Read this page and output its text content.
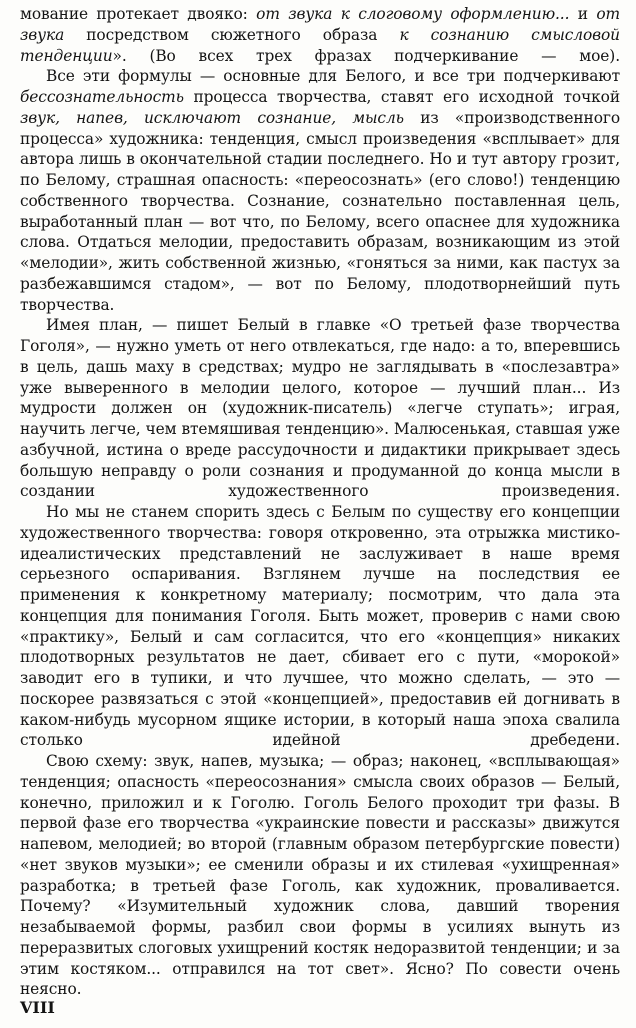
мование протекает двояко: от звука к слоговому оформлению... и от звука посредством сюжетного образа к сознанию смысловой тенденции». (Во всех трех фразах подчеркивание — мое).

Все эти формулы — основные для Белого, и все три подчеркивают бессознательность процесса творчества, ставят его исходной точкой звук, напев, исключают сознание, мысль из «производственного процесса» художника: тенденция, смысл произведения «всплывает» для автора лишь в окончательной стадии последнего. Но и тут автору грозит, по Белому, страшная опасность: «переосознать» (его слово!) тенденцию собственного творчества. Сознание, сознательно поставленная цель, выработанный план — вот что, по Белому, всего опаснее для художника слова. Отдаться мелодии, предоставить образам, возникающим из этой «мелодии», жить собственной жизнью, «гоняться за ними, как пастух за разбежавшимся стадом», — вот по Белому, плодотворнейший путь творчества.

Имея план, — пишет Белый в главке «О третьей фазе творчества Гоголя», — нужно уметь от него отвлекаться, где надо: а то, вперевшись в цель, дашь маху в средствах; мудро не заглядывать в «послезавтра» уже выверенного в мелодии целого, которое — лучший план... Из мудрости должен он (художник-писатель) «легче ступать»; играя, научить легче, чем втемяшивая тенденцию». Малюсенькая, ставшая уже азбучной, истина о вреде рассудочности и дидактики прикрывает здесь большую неправду о роли сознания и продуманной до конца мысли в создании художественного произведения.

Но мы не станем спорить здесь с Белым по существу его концепции художественного творчества: говоря откровенно, эта отрыжка мистико-идеалистических представлений не заслуживает в наше время серьезного оспаривания. Взглянем лучше на последствия ее применения к конкретному материалу; посмотрим, что дала эта концепция для понимания Гоголя. Быть может, проверив с нами свою «практику», Белый и сам согласится, что его «концепция» никаких плодотворных результатов не дает, сбивает его с пути, «морокой» заводит его в тупики, и что лучшее, что можно сделать, — это — поскорее развязаться с этой «концепцией», предоставив ей догнивать в каком-нибудь мусорном ящике истории, в который наша эпоха свалила столько идейной дребедени.

Свою схему: звук, напев, музыка; — образ; наконец, «всплывающая» тенденция; опасность «переосознания» смысла своих образов — Белый, конечно, приложил и к Гоголю. Гоголь Белого проходит три фазы. В первой фазе его творчества «украинские повести и рассказы» движутся напевом, мелодией; во второй (главным образом петербургские повести) «нет звуков музыки»; ее сменили образы и их стилевая «ухищренная» разработка; в третьей фазе Гоголь, как художник, проваливается. Почему? «Изумительный художник слова, давший творения незабываемой формы, разбил свои формы в усилиях вынуть из переразвитых слоговых ухищрений костяк недоразвитой тенденции; и за этим костяком... отправился на тот свет». Ясно? По совести очень неясно.

VIII
